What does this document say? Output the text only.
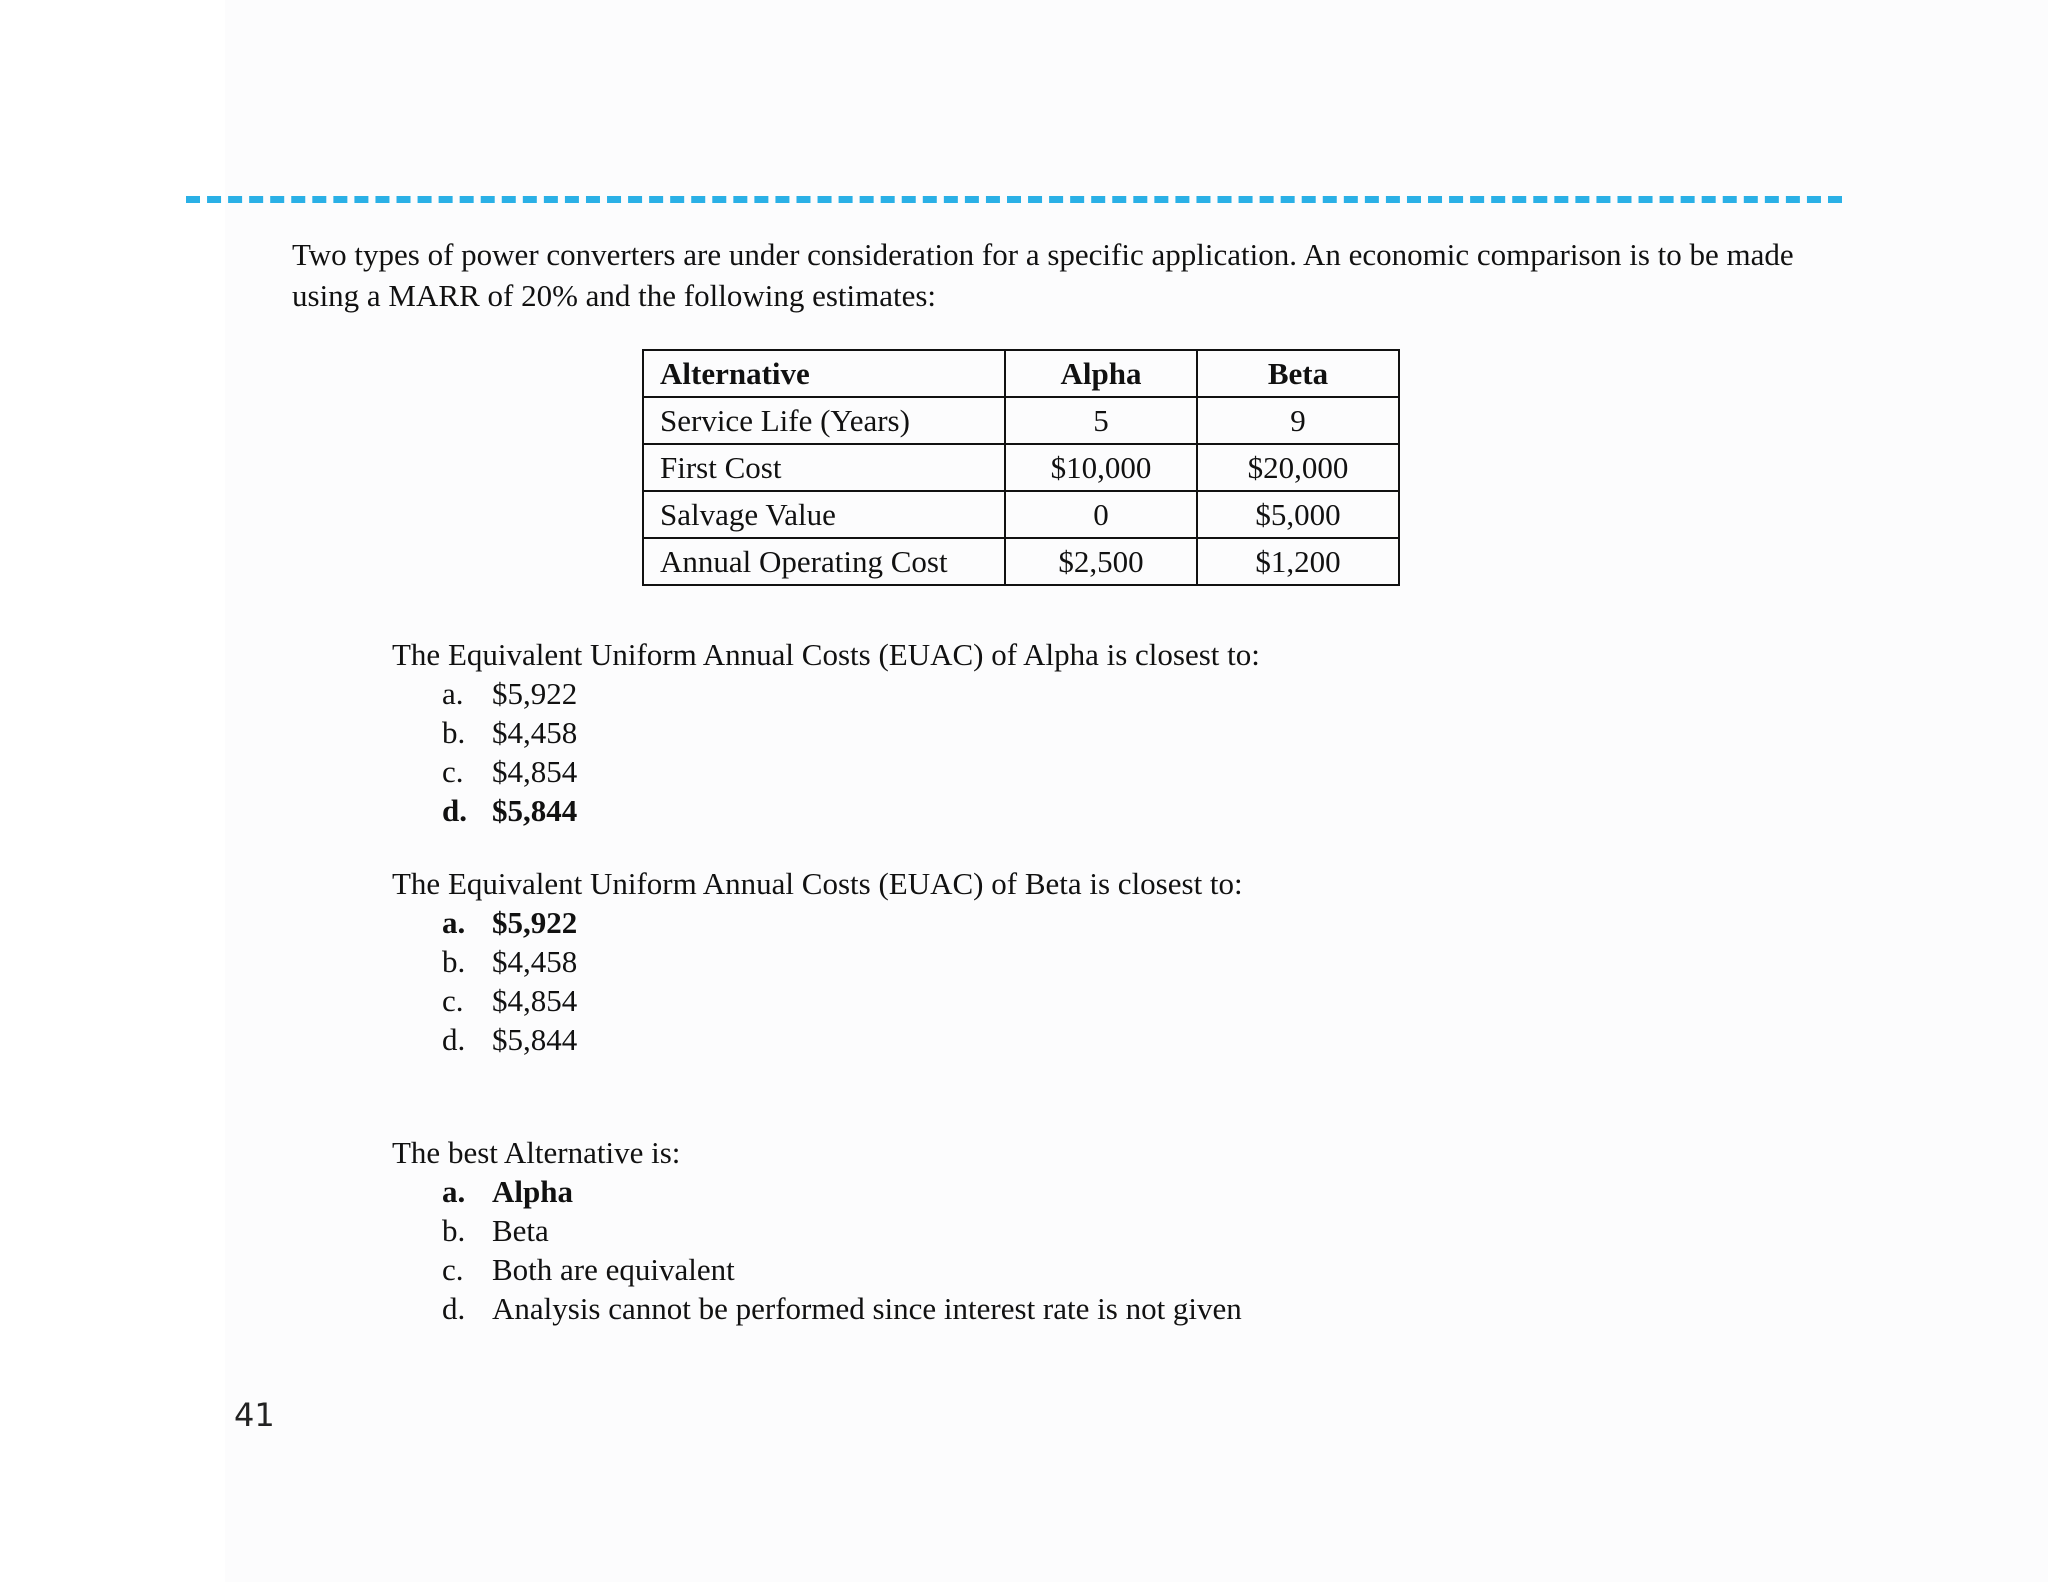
Two types of power converters are under consideration for a specific application. An economic comparison is to be made using a MARR of 20% and the following estimates:

Alternative	Alpha	Beta
Service Life (Years)	5	9
First Cost	$10,000	$20,000
Salvage Value	0	$5,000
Annual Operating Cost	$2,500	$1,200

The Equivalent Uniform Annual Costs (EUAC) of Alpha is closest to:

a. $5,922
b. $4,458
c. $4,854
d. $5,844

The Equivalent Uniform Annual Costs (EUAC) of Beta is closest to:

a. $5,922
b. $4,458
c. $4,854
d. $5,844

The best Alternative is:

a. Alpha
b. Beta
c. Both are equivalent
d. Analysis cannot be performed since interest rate is not given
41
